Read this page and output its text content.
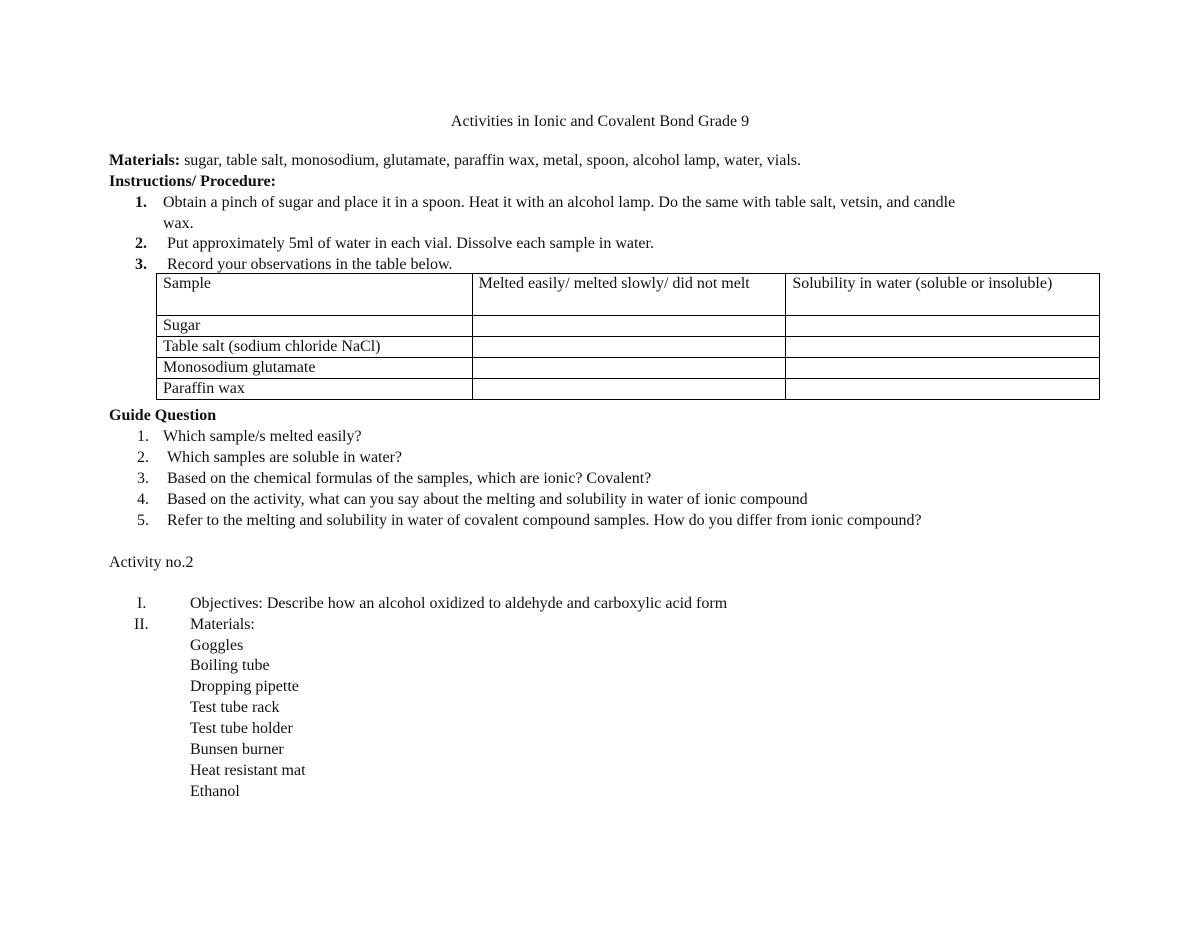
Activities in Ionic and Covalent Bond Grade 9
Materials: sugar, table salt, monosodium, glutamate, paraffin wax, metal, spoon, alcohol lamp, water, vials.
Instructions/ Procedure:
1. Obtain a pinch of sugar and place it in a spoon. Heat it with an alcohol lamp. Do the same with table salt, vetsin, and candle
wax.
2. Put approximately 5ml of water in each vial. Dissolve each sample in water.
3. Record your observations in the table below.
Sample	Melted easily/ melted slowly/ did not melt	Solubility in water (soluble or insoluble)
Sugar		
Table salt (sodium chloride NaCl)		
Monosodium glutamate		
Paraffin wax		
Guide Question
1. Which sample/s melted easily?
2. Which samples are soluble in water?
3. Based on the chemical formulas of the samples, which are ionic? Covalent?
4. Based on the activity, what can you say about the melting and solubility in water of ionic compound
5. Refer to the melting and solubility in water of covalent compound samples. How do you differ from ionic compound?
Activity no.2
I.	Objectives: Describe how an alcohol oxidized to aldehyde and carboxylic acid form
II.	Materials:
Goggles
Boiling tube
Dropping pipette
Test tube rack
Test tube holder
Bunsen burner
Heat resistant mat
Ethanol
